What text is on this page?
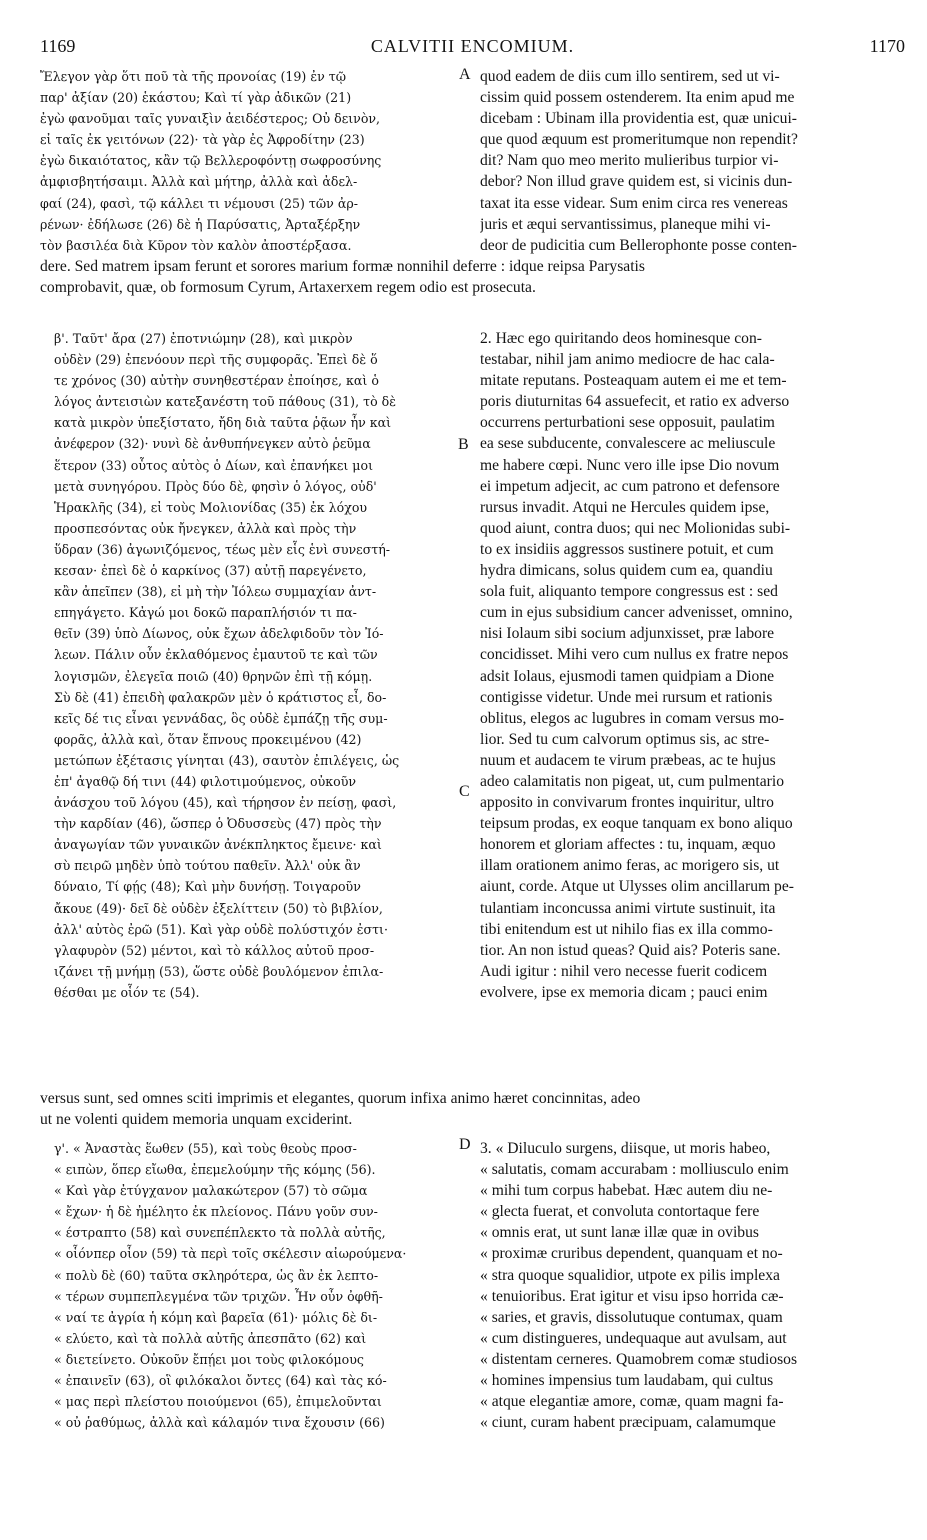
1169	CALVITII ENCOMIUM.	1170
A
B
C
D
Ἔλεγον γὰρ ὅτι ποῦ τὰ τῆς προνοίας (19) ἐν τῷ
παρ' ἀξίαν (20) ἑκάστου; Καὶ τί γὰρ ἀδικῶν (21)
ἐγὼ φανοῦμαι ταῖς γυναιξὶν ἀειδέστερος; Οὐ δεινὸν,
εἰ ταῖς ἐκ γειτόνων (22)· τὰ γὰρ ἐς Ἀφροδίτην (23)
ἐγὼ δικαιότατος, κἂν τῷ Βελλεροφόντῃ σωφροσύνης
ἀμφισβητήσαιμι. Ἀλλὰ καὶ μήτηρ, ἀλλὰ καὶ ἀδελ-
φαί (24), φασὶ, τῷ κάλλει τι νέμουσι (25) τῶν ἀρ-
ρένων· ἐδήλωσε (26) δὲ ἡ Παρύσατις, Ἀρταξέρξην
τὸν βασιλέα διὰ Κῦρον τὸν καλὸν ἀποστέρξασα.
quod eadem de diis cum illo sentirem, sed ut vi-
cissim quid possem ostenderem. Ita enim apud me
dicebam : Ubinam illa providentia est, quæ unicui-
que quod æquum est promeritumque non rependit?
dit? Nam quo meo merito mulieribus turpior vi-
debor? Non illud grave quidem est, si vicinis dun-
taxat ita esse videar. Sum enim circa res venereas
juris et æqui servantissimus, planeque mihi vi-
deor de pudicitia cum Bellerophonte posse conten-
dere. Sed matrem ipsam ferunt et sorores marium formæ nonnihil deferre : idque reipsa Parysatis
comprobavit, quæ, ob formosum Cyrum, Artaxerxem regem odio est prosecuta.
β'. Ταῦτ' ἄρα (27) ἐποτνιώμην (28), καὶ μικρὸν
οὐδὲν (29) ἐπενόουν περὶ τῆς συμφορᾶς. Ἐπεὶ δὲ ὅ
τε χρόνος (30) αὐτὴν συνηθεστέραν ἐποίησε, καὶ ὁ
λόγος ἀντεισιὼν κατεξανέστη τοῦ πάθους (31), τὸ δὲ
κατὰ μικρὸν ὑπεξίστατο, ἤδη διὰ ταῦτα ῥᾷων ἦν καὶ
ἀνέφερον (32)· νυνὶ δὲ ἀνθυπήνεγκεν αὐτὸ ῥεῦμα
ἕτερον (33) οὗτος αὐτὸς ὁ Δίων, καὶ ἐπανήκει μοι
μετὰ συνηγόρου. Πρὸς δύο δὲ, φησὶν ὁ λόγος, οὐδ'
Ἡρακλῆς (34), εἰ τοὺς Μολιονίδας (35) ἐκ λόχου
προσπεσόντας οὐκ ἤνεγκεν, ἀλλὰ καὶ πρὸς τὴν
ὕδραν (36) ἀγωνιζόμενος, τέως μὲν εἷς ἑνὶ συνεστή-
κεσαν· ἐπεὶ δὲ ὁ καρκίνος (37) αὐτῇ παρεγένετο,
κἂν ἀπεῖπεν (38), εἰ μὴ τὴν Ἰόλεω συμμαχίαν ἀντ-
επηγάγετο. Κἀγώ μοι δοκῶ παραπλήσιόν τι πα-
θεῖν (39) ὑπὸ Δίωνος, οὐκ ἔχων ἀδελφιδοῦν τὸν Ἰό-
λεων. Πάλιν οὖν ἐκλαθόμενος ἐμαυτοῦ τε καὶ τῶν
λογισμῶν, ἐλεγεῖα ποιῶ (40) θρηνῶν ἐπὶ τῇ κόμῃ.
Σὺ δὲ (41) ἐπειδὴ φαλακρῶν μὲν ὁ κράτιστος εἶ, δο-
κεῖς δέ τις εἶναι γεννάδας, ὃς οὐδὲ ἐμπάζῃ τῆς συμ-
φορᾶς, ἀλλὰ καὶ, ὅταν ἔπνους προκειμένου (42)
μετώπων ἐξέτασις γίνηται (43), σαυτὸν ἐπιλέγεις, ὡς
ἐπ' ἀγαθῷ δή τινι (44) φιλοτιμούμενος, οὐκοῦν
ἀνάσχου τοῦ λόγου (45), καὶ τήρησον ἐν πείσῃ, φασὶ,
τὴν καρδίαν (46), ὥσπερ ὁ Ὀδυσσεὺς (47) πρὸς τὴν
ἀναγωγίαν τῶν γυναικῶν ἀνέκπληκτος ἔμεινε· καὶ
σὺ πειρῶ μηδὲν ὑπὸ τούτου παθεῖν. Ἀλλ' οὐκ ἂν
δύναιο, Τί φῄς (48); Καὶ μὴν δυνήσῃ. Τοιγαροῦν
ἄκουε (49)· δεῖ δὲ οὐδὲν ἐξελίττειν (50) τὸ βιβλίον,
ἀλλ' αὐτὸς ἐρῶ (51). Καὶ γὰρ οὐδὲ πολύστιχόν ἐστι·
γλαφυρὸν (52) μέντοι, καὶ τὸ κάλλος αὐτοῦ προσ-
ιζάνει τῇ μνήμῃ (53), ὥστε οὐδὲ βουλόμενον ἐπιλα-
θέσθαι με οἷόν τε (54).
2. Hæc ego quiritando deos hominesque con-
testabar, nihil jam animo mediocre de hac cala-
mitate reputans. Posteaquam autem ei me et tem-
poris diuturnitas 64 assuefecit, et ratio ex adverso
occurrens perturbationi sese opposuit, paulatim
ea sese subducente, convalescere ac meliuscule
me habere cœpi. Nunc vero ille ipse Dio novum
ei impetum adjecit, ac cum patrono et defensore
rursus invadit. Atqui ne Hercules quidem ipse,
quod aiunt, contra duos; qui nec Molionidas subi-
to ex insidiis aggressos sustinere potuit, et cum
hydra dimicans, solus quidem cum ea, quandiu
sola fuit, aliquanto tempore congressus est : sed
cum in ejus subsidium cancer advenisset, omnino,
nisi Iolaum sibi socium adjunxisset, præ labore
concidisset. Mihi vero cum nullus ex fratre nepos
adsit Iolaus, ejusmodi tamen quidpiam a Dione
contigisse videtur. Unde mei rursum et rationis
oblitus, elegos ac lugubres in comam versus mo-
lior. Sed tu cum calvorum optimus sis, ac stre-
nuum et audacem te virum præbeas, ac te hujus
adeo calamitatis non pigeat, ut, cum pulmentario
apposito in convivarum frontes inquiritur, ultro
teipsum prodas, ex eoque tanquam ex bono aliquo
honorem et gloriam affectes : tu, inquam, æquo
illam orationem animo feras, ac morigero sis, ut
aiunt, corde. Atque ut Ulysses olim ancillarum pe-
tulantiam inconcussa animi virtute sustinuit, ita
tibi enitendum est ut nihilo fias ex illa commo-
tior. An non istud queas? Quid ais? Poteris sane.
Audi igitur : nihil vero necesse fuerit codicem
evolvere, ipse ex memoria dicam ; pauci enim
versus sunt, sed omnes sciti imprimis et elegantes, quorum infixa animo hæret concinnitas, adeo
ut ne volenti quidem memoria unquam exciderint.
γ'. « Ἀναστὰς ἕωθεν (55), καὶ τοὺς θεοὺς προσ-
« ειπὼν, ὅπερ εἴωθα, ἐπεμελούμην τῆς κόμης (56).
« Καὶ γὰρ ἐτύγχανον μαλακώτερον (57) τὸ σῶμα
« ἔχων· ἡ δὲ ἠμέλητο ἐκ πλείονος. Πάνυ γοῦν συν-
« έστραπτο (58) καὶ συνεπέπλεκτο τὰ πολλὰ αὐτῆς,
« οἷόνπερ οἷον (59) τὰ περὶ τοῖς σκέλεσιν αἰωρούμενα·
« πολὺ δὲ (60) ταῦτα σκληρότερα, ὡς ἂν ἐκ λεπτο-
« τέρων συμπεπλεγμένα τῶν τριχῶν. Ἦν οὖν ὀφθῆ-
« ναί τε ἀγρία ἡ κόμη καὶ βαρεῖα (61)· μόλις δὲ δι-
« ελύετο, καὶ τὰ πολλὰ αὐτῆς ἀπεσπᾶτο (62) καὶ
« διετείνετο. Οὐκοῦν ἔπῄει μοι τοὺς φιλοκόμους
« ἐπαινεῖν (63), οἳ φιλόκαλοι ὄντες (64) καὶ τὰς κό-
« μας περὶ πλείστου ποιούμενοι (65), ἐπιμελοῦνται
« οὐ ῥαθύμως, ἀλλὰ καὶ κάλαμόν τινα ἔχουσιν (66)
3. « Diluculo surgens, diisque, ut moris habeo,
« salutatis, comam accurabam : molliusculo enim
« mihi tum corpus habebat. Hæc autem diu ne-
« glecta fuerat, et convoluta contortaque fere
« omnis erat, ut sunt lanæ illæ quæ in ovibus
« proximæ cruribus dependent, quanquam et no-
« stra quoque squalidior, utpote ex pilis implexa
« tenuioribus. Erat igitur et visu ipso horrida cæ-
« saries, et gravis, dissolutuque contumax, quam
« cum distingueres, undequaque aut avulsam, aut
« distentam cerneres. Quamobrem comæ studiosos
« homines impensius tum laudabam, qui cultus
« atque elegantiæ amore, comæ, quam magni fa-
« ciunt, curam habent præcipuam, calamumque
